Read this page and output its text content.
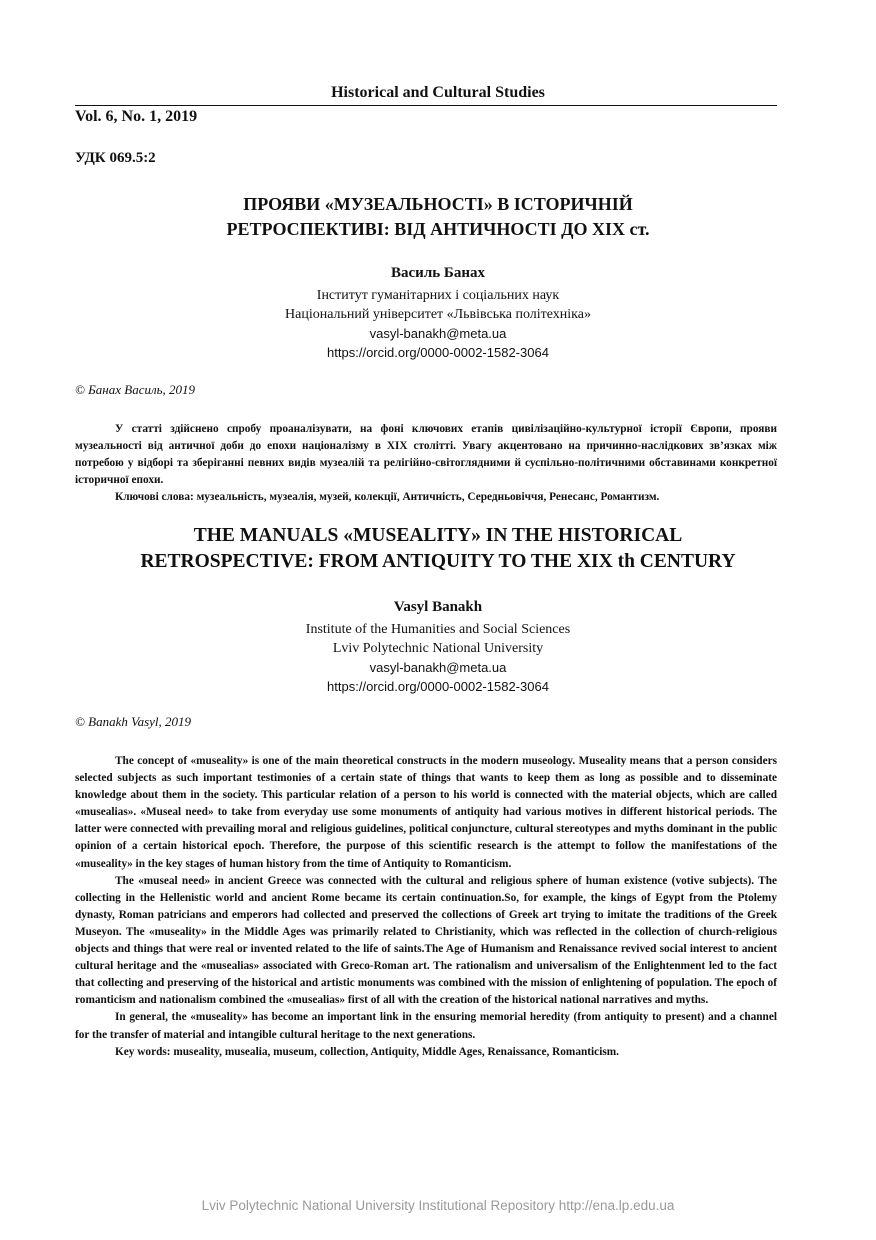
Historical and Cultural Studies
Vol. 6, No. 1, 2019
УДК 069.5:2
ПРОЯВИ «МУЗЕАЛЬНОСТІ» В ІСТОРИЧНІЙ
РЕТРОСПЕКТИВІ: ВІД АНТИЧНОСТІ ДО XIX ст.
Василь Банах
Інститут гуманітарних і соціальних наук
Національний університет «Львівська політехніка»
vasyl-banakh@meta.ua
https://orcid.org/0000-0002-1582-3064
© Банах Василь, 2019

У статті здійснено спробу проаналізувати, на фоні ключових етапів цивілізаційно-культурної історії Європи, прояви музеальності від античної доби до епохи націоналізму в XIX столітті. Увагу акцентовано на причинно-наслідкових зв’язках між потребою у відборі та зберіганні певних видів музеалій та релігійно-світоглядними й суспільно-політичними обставинами конкретної історичної епохи.

Ключові слова: музеальність, музеалія, музей, колекції, Античність, Середньовіччя, Ренесанс, Романтизм.

THE MANUALS «MUSEALITY» IN THE HISTORICAL
RETROSPECTIVE: FROM ANTIQUITY TO THE XIX th CENTURY
Vasyl Banakh
Institute of the Humanities and Social Sciences
Lviv Polytechnic National University
vasyl-banakh@meta.ua
https://orcid.org/0000-0002-1582-3064
© Banakh Vasyl, 2019

The concept of «museality» is one of the main theoretical constructs in the modern museology. Museality means that a person considers selected subjects as such important testimonies of a certain state of things that wants to keep them as long as possible and to disseminate knowledge about them in the society. This particular relation of a person to his world is connected with the material objects, which are called «musealias». «Museal need» to take from everyday use some monuments of antiquity had various motives in different historical periods. The latter were connected with prevailing moral and religious guidelines, political conjuncture, cultural stereotypes and myths dominant in the public opinion of a certain historical epoch. Therefore, the purpose of this scientific research is the attempt to follow the manifestations of the «museality» in the key stages of human history from the time of Antiquity to Romanticism.

The «museal need» in ancient Greece was connected with the cultural and religious sphere of human existence (votive subjects). The collecting in the Hellenistic world and ancient Rome became its certain continuation.So, for example, the kings of Egypt from the Ptolemy dynasty, Roman patricians and emperors had collected and preserved the collections of Greek art trying to imitate the traditions of the Greek Museyon. The «museality» in the Middle Ages was primarily related to Christianity, which was reflected in the collection of church-religious objects and things that were real or invented related to the life of saints.The Age of Humanism and Renaissance revived social interest to ancient cultural heritage and the «musealias» associated with Greco-Roman art. The rationalism and universalism of the Enlightenment led to the fact that collecting and preserving of the historical and artistic monuments was combined with the mission of enlightening of population. The epoch of romanticism and nationalism combined the «musealias» first of all with the creation of the historical national narratives and myths.

In general, the «museality» has become an important link in the ensuring memorial heredity (from antiquity to present) and a channel for the transfer of material and intangible cultural heritage to the next generations.

Key words: museality, musealia, museum, collection, Antiquity, Middle Ages, Renaissance, Romanticism.

Lviv Polytechnic National University Institutional Repository http://ena.lp.edu.ua
